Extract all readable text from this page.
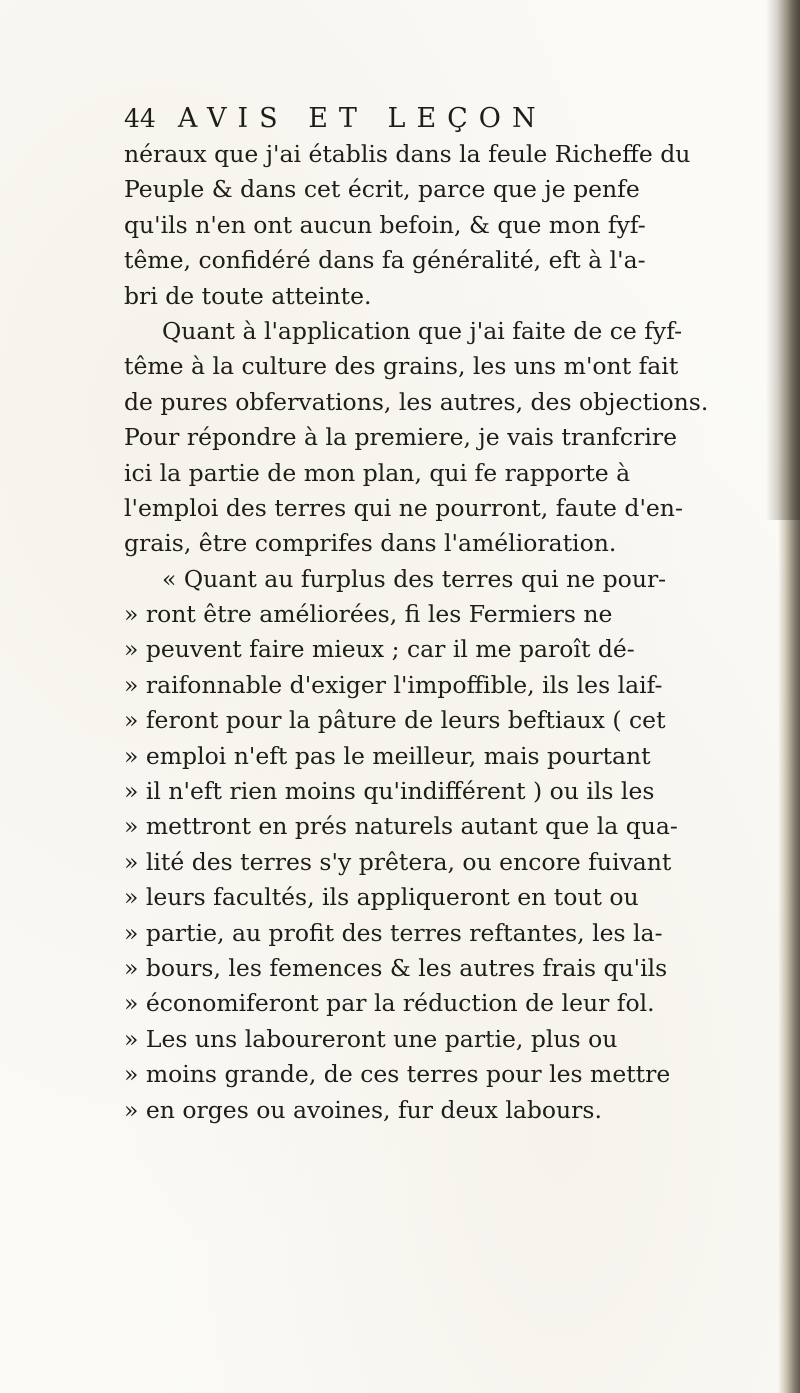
44 AVIS ET LEÇON
néraux que j'ai établis dans la feule Richeffe du
Peuple & dans cet écrit, parce que je penfe
qu'ils n'en ont aucun befoin, & que mon fyf-
tême, confidéré dans fa généralité, eft à l'a-
bri de toute atteinte.
Quant à l'application que j'ai faite de ce fyf-
tême à la culture des grains, les uns m'ont fait
de pures obfervations, les autres, des objections.
Pour répondre à la premiere, je vais tranfcrire
ici la partie de mon plan, qui fe rapporte à
l'emploi des terres qui ne pourront, faute d'en-
grais, être comprifes dans l'amélioration.
« Quant au furplus des terres qui ne pour-
» ront être améliorées, fi les Fermiers ne
» peuvent faire mieux ; car il me paroît dé-
» raifonnable d'exiger l'impoffible, ils les laif-
» feront pour la pâture de leurs beftiaux ( cet
» emploi n'eft pas le meilleur, mais pourtant
» il n'eft rien moins qu'indifférent ) ou ils les
» mettront en prés naturels autant que la qua-
» lité des terres s'y prêtera, ou encore fuivant
» leurs facultés, ils appliqueront en tout ou
» partie, au profit des terres reftantes, les la-
» bours, les femences & les autres frais qu'ils
» économiferont par la réduction de leur fol.
» Les uns laboureront une partie, plus ou
» moins grande, de ces terres pour les mettre
» en orges ou avoines, fur deux labours.
